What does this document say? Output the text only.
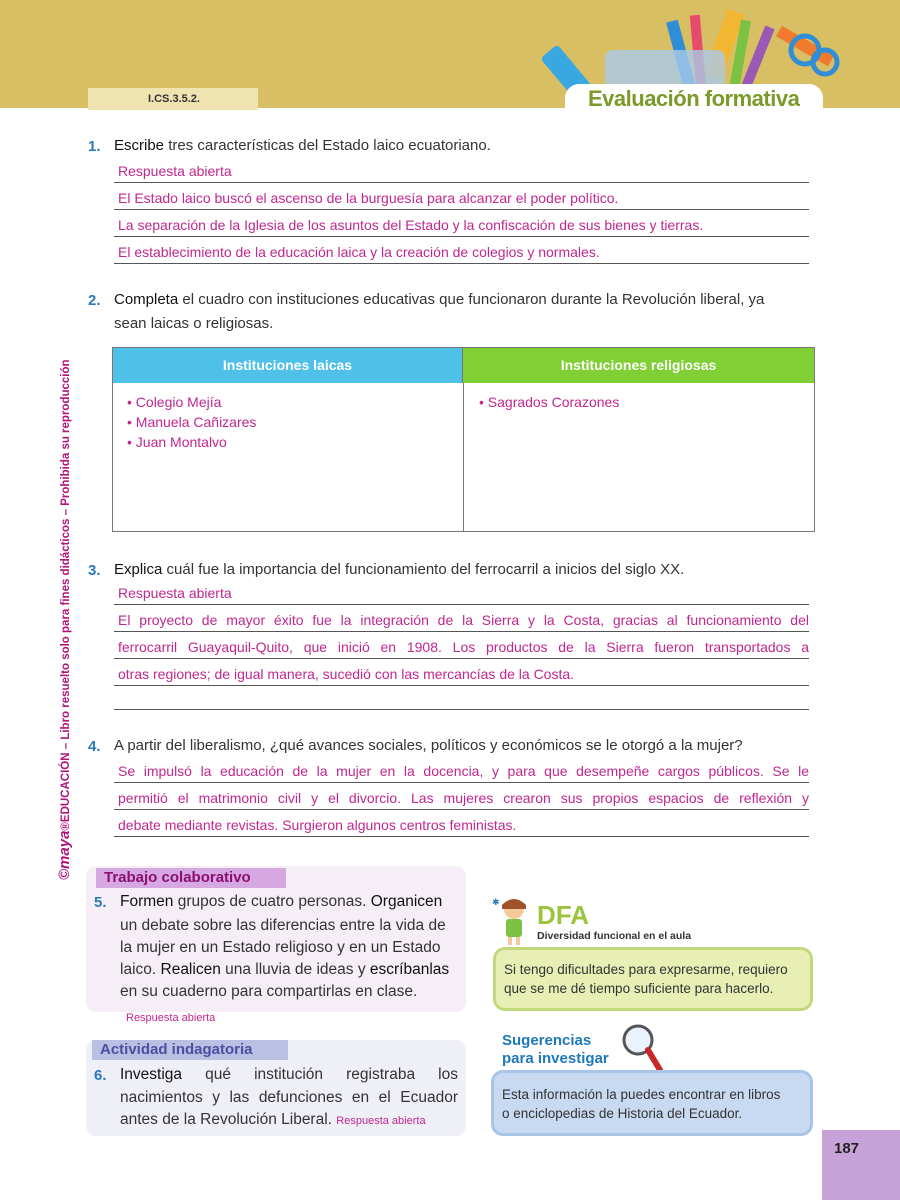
I.CS.3.5.2.	Evaluación formativa
©maya®EDUCACIÓN – Libro resuelto solo para fines didácticos – Prohibida su reproducción
1. Escribe tres características del Estado laico ecuatoriano.
Respuesta abierta
El Estado laico buscó el ascenso de la burguesía para alcanzar el poder político.
La separación de la Iglesia de los asuntos del Estado y la confiscación de sus bienes y tierras.
El establecimiento de la educación laica y la creación de colegios y normales.
2. Completa el cuadro con instituciones educativas que funcionaron durante la Revolución liberal, ya
sean laicas o religiosas.
Instituciones laicas	Instituciones religiosas
• Colegio Mejía
• Manuela Cañizares
• Juan Montalvo
• Sagrados Corazones
3. Explica cuál fue la importancia del funcionamiento del ferrocarril a inicios del siglo XX.
Respuesta abierta
El proyecto de mayor éxito fue la integración de la Sierra y la Costa, gracias al funcionamiento del
ferrocarril Guayaquil-Quito, que inició en 1908. Los productos de la Sierra fueron transportados a
otras regiones; de igual manera, sucedió con las mercancías de la Costa.
4. A partir del liberalismo, ¿qué avances sociales, políticos y económicos se le otorgó a la mujer?
Se impulsó la educación de la mujer en la docencia, y para que desempeñe cargos públicos. Se le
permitió el matrimonio civil y el divorcio. Las mujeres crearon sus propios espacios de reflexión y
debate mediante revistas. Surgieron algunos centros feministas.
Trabajo colaborativo
5. Formen grupos de cuatro personas. Organicen
un debate sobre las diferencias entre la vida de
la mujer en un Estado religioso y en un Estado
laico. Realicen una lluvia de ideas y escríbanlas
en su cuaderno para compartirlas en clase.
Respuesta abierta
Actividad indagatoria
6. Investiga qué institución registraba los
nacimientos y las defunciones en el Ecuador
antes de la Revolución Liberal. Respuesta abierta
✱ DFA
Diversidad funcional en el aula
Si tengo dificultades para expresarme, requiero
que se me dé tiempo suficiente para hacerlo.
Sugerencias
para investigar
Esta información la puedes encontrar en libros
o enciclopedias de Historia del Ecuador.
187
